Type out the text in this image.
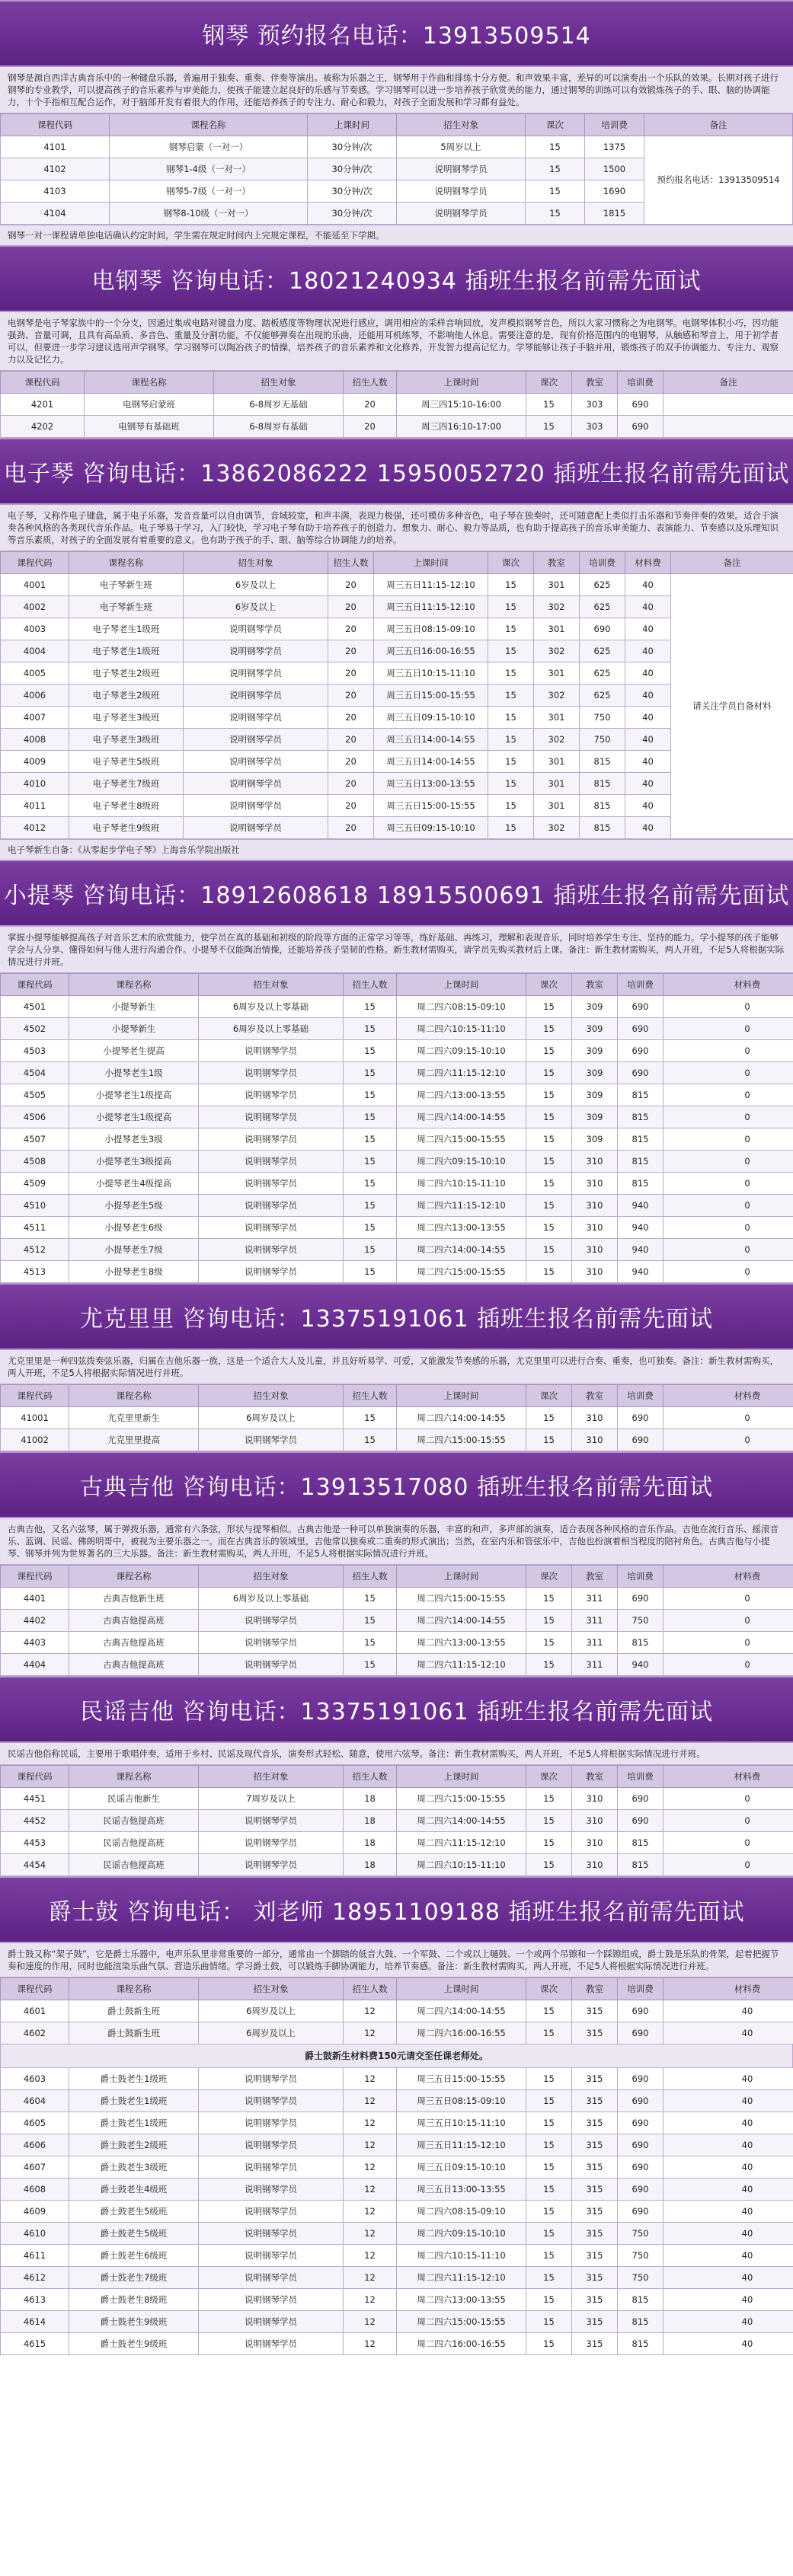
钢琴 预约报名电话：13913509514
钢琴是源自西洋古典音乐中的一种键盘乐器，普遍用于独奏、重奏、伴奏等演出。被称为乐器之王，钢琴用于作曲和排练十分方便。和声效果丰富，差异的可以演奏出一个乐队的效果。长期对孩子进行钢琴的专业教学，可以提高孩子的音乐素养与审美能力，使孩子能建立起良好的乐感与节奏感。学习钢琴可以进一步培养孩子欣赏美的能力，通过钢琴的训练可以有效锻炼孩子的手、眼、脑的协调能力，十个手指相互配合运作，对于脑部开发有着很大的作用，还能培养孩子的专注力、耐心和毅力，对孩子全面发展和学习都有益处。
课程代码	课程名称	上课时间	招生对象	课次	培训费	备注
4101	钢琴启蒙（一对一）	30分钟/次	5周岁以上	15	1375	预约报名电话：13913509514
4102	钢琴1-4级（一对一）	30分钟/次	说明钢琴学员	15	1500	
4103	钢琴5-7级（一对一）	30分钟/次	说明钢琴学员	15	1690	
4104	钢琴8-10级（一对一）	30分钟/次	说明钢琴学员	15	1815	
钢琴一对一课程请单独电话确认约定时间，学生需在规定时间内上完规定课程，不能延至下学期。
电钢琴 咨询电话：18021240934 插班生报名前需先面试
电钢琴是电子琴家族中的一个分支，因通过集成电路对键盘力度、踏板感度等物理状况进行感应，调用相应的采样音响回放，发声模拟钢琴音色，所以大家习惯称之为电钢琴。电钢琴体积小巧，因功能强劲、音量可调，且具有高品质、多音色、重量及分割功能，不仅能够弹奏在出现的乐曲，还能用耳机练琴，不影响他人休息。需要注意的是，现有价格范围内的电钢琴，从触感和琴音上，用于初学者可以，但要进一步学习建议选用声学钢琴。学习钢琴可以陶冶孩子的情操，培养孩子的音乐素养和文化修养，开发智力提高记忆力。学琴能够让孩子手脑并用，锻炼孩子的双手协调能力、专注力、观察力以及记忆力。
课程代码	课程名称	招生对象	招生人数	上课时间	课次	教室	培训费	备注
4201	电钢琴启蒙班	6-8周岁无基础	20	周三四15:10-16:00	15	303	690	
4202	电钢琴有基础班	6-8周岁有基础	20	周三四16:10-17:00	15	303	690	
电子琴 咨询电话：13862086222 15950052720 插班生报名前需先面试
电子琴，又称作电子键盘，属于电子乐器，发音音量可以自由调节，音域较宽，和声丰满，表现力极强，还可模仿多种音色，电子琴在独奏时，还可随意配上类似打击乐器和节奏伴奏的效果。适合于演奏各种风格的各类现代音乐作品。电子琴易于学习，入门较快，学习电子琴有助于培养孩子的创造力、想象力、耐心、毅力等品质，也有助于提高孩子的音乐审美能力、表演能力、节奏感以及乐理知识等音乐素质，对孩子的全面发展有着重要的意义。也有助于孩子的手、眼、脑等综合协调能力的培养。
课程代码	课程名称	招生对象	招生人数	上课时间	课次	教室	培训费	材料费	备注
4001	电子琴新生班	6岁及以上	20	周三五日11:15-12:10	15	301	625	40	请关注学员自备材料
4002	电子琴新生班	6岁及以上	20	周三五日11:15-12:10	15	302	625	40	
4003	电子琴老生1级班	说明钢琴学员	20	周三五日08:15-09:10	15	301	690	40	
4004	电子琴老生1级班	说明钢琴学员	20	周三五日16:00-16:55	15	302	625	40	
4005	电子琴老生2级班	说明钢琴学员	20	周三五日10:15-11:10	15	301	625	40	
4006	电子琴老生2级班	说明钢琴学员	20	周三五日15:00-15:55	15	302	625	40	
4007	电子琴老生3级班	说明钢琴学员	20	周三五日09:15-10:10	15	301	750	40	
4008	电子琴老生3级班	说明钢琴学员	20	周三五日14:00-14:55	15	302	750	40	
4009	电子琴老生5级班	说明钢琴学员	20	周三五日14:00-14:55	15	301	815	40	
4010	电子琴老生7级班	说明钢琴学员	20	周三五日13:00-13:55	15	301	815	40	
4011	电子琴老生8级班	说明钢琴学员	20	周三五日15:00-15:55	15	301	815	40	
4012	电子琴老生9级班	说明钢琴学员	20	周三五日09:15-10:10	15	302	815	40	
电子琴新生自备：《从零起步学电子琴》上海音乐学院出版社
小提琴 咨询电话：18912608618 18915500691 插班生报名前需先面试
掌握小提琴能够提高孩子对音乐艺术的欣赏能力，使学员在真的基础和初级的阶段等方面的正常学习等等，练好基础、再练习，理解和表现音乐，同时培养学生专注、坚持的能力。学小提琴的孩子能够学会与人分享、懂得如何与他人进行沟通合作。小提琴不仅能陶冶情操，还能培养孩子坚韧的性格。新生教材需购买，请学员先购买教材后上课。备注：新生教材需购买，两人开班，不足5人将根据实际情况进行并班。
课程代码	课程名称	招生对象	招生人数	上课时间	课次	教室	培训费	材料费
4501	小提琴新生	6周岁及以上零基础	15	周二四六08:15-09:10	15	309	690	0
4502	小提琴新生	6周岁及以上零基础	15	周二四六10:15-11:10	15	309	690	0
4503	小提琴老生提高	说明钢琴学员	15	周二四六09:15-10:10	15	309	690	0
4504	小提琴老生1级	说明钢琴学员	15	周二四六11:15-12:10	15	309	690	0
4505	小提琴老生1级提高	说明钢琴学员	15	周二四六13:00-13:55	15	309	815	0
4506	小提琴老生1级提高	说明钢琴学员	15	周二四六14:00-14:55	15	309	815	0
4507	小提琴老生3级	说明钢琴学员	15	周二四六15:00-15:55	15	309	815	0
4508	小提琴老生3级提高	说明钢琴学员	15	周二四六09:15-10:10	15	310	815	0
4509	小提琴老生4级提高	说明钢琴学员	15	周二四六10:15-11:10	15	310	815	0
4510	小提琴老生5级	说明钢琴学员	15	周二四六11:15-12:10	15	310	940	0
4511	小提琴老生6级	说明钢琴学员	15	周二四六13:00-13:55	15	310	940	0
4512	小提琴老生7级	说明钢琴学员	15	周二四六14:00-14:55	15	310	940	0
4513	小提琴老生8级	说明钢琴学员	15	周二四六15:00-15:55	15	310	940	0
尤克里里 咨询电话：13375191061 插班生报名前需先面试
尤克里里是一种四弦拨奏弦乐器，归属在吉他乐器一族，这是一个适合大人及儿童，并且好听易学、可爱，又能激发节奏感的乐器，尤克里里可以进行合奏、重奏，也可独奏。备注：新生教材需购买，两人开班，不足5人将根据实际情况进行并班。
课程代码	课程名称	招生对象	招生人数	上课时间	课次	教室	培训费	材料费
41001	尤克里里新生	6周岁及以上	15	周二四六14:00-14:55	15	310	690	0
41002	尤克里里提高	说明钢琴学员	15	周二四六15:00-15:55	15	310	690	0
古典吉他 咨询电话：13913517080 插班生报名前需先面试
古典吉他，又名六弦琴，属于弹拨乐器，通常有六条弦，形状与提琴相似。古典吉他是一种可以单独演奏的乐器，丰富的和声，多声部的演奏，适合表现各种风格的音乐作品。吉他在流行音乐、摇滚音乐、蓝调、民谣、佛朗明哥中，被视为主要乐器之一。而在古典音乐的领域里，吉他常以独奏或二重奏的形式演出；当然，在室内乐和管弦乐中，吉他也扮演着相当程度的陪衬角色。古典吉他与小提琴、钢琴并列为世界著名的三大乐器。备注：新生教材需购买，两人开班，不足5人将根据实际情况进行并班。
课程代码	课程名称	招生对象	招生人数	上课时间	课次	教室	培训费	材料费
4401	古典吉他新生班	6周岁及以上零基础	15	周二四六15:00-15:55	15	311	690	0
4402	古典吉他提高班	说明钢琴学员	15	周二四六14:00-14:55	15	311	750	0
4403	古典吉他提高班	说明钢琴学员	15	周二四六13:00-13:55	15	311	815	0
4404	古典吉他提高班	说明钢琴学员	15	周二四六11:15-12:10	15	311	940	0
民谣吉他 咨询电话：13375191061 插班生报名前需先面试
民谣吉他俗称民谣，主要用于歌唱伴奏，适用于乡村、民谣及现代音乐，演奏形式轻松、随意，使用六弦琴。备注：新生教材需购买，两人开班，不足5人将根据实际情况进行并班。
课程代码	课程名称	招生对象	招生人数	上课时间	课次	教室	培训费	材料费
4451	民谣吉他新生	7周岁及以上	18	周二四六15:00-15:55	15	310	690	0
4452	民谣吉他提高班	说明钢琴学员	18	周二四六14:00-14:55	15	310	690	0
4453	民谣吉他提高班	说明钢琴学员	18	周二四六11:15-12:10	15	310	815	0
4454	民谣吉他提高班	说明钢琴学员	18	周二四六10:15-11:10	15	310	815	0
爵士鼓 咨询电话： 刘老师 18951109188 插班生报名前需先面试
爵士鼓又称“架子鼓”，它是爵士乐器中，电声乐队里非常重要的一部分，通常由一个脚踏的低音大鼓、一个军鼓、二个或以上嗵鼓、一个或两个吊镲和一个踩镲组成，爵士鼓是乐队的骨架，起着把握节奏和速度的作用，同时也能渲染乐曲气氛、营造乐曲情绪。学习爵士鼓，可以锻炼手脚协调能力，培养节奏感。备注：新生教材需购买，两人开班，不足5人将根据实际情况进行并班。
课程代码	课程名称	招生对象	招生人数	上课时间	课次	教室	培训费	材料费
4601	爵士鼓新生班	6周岁及以上	12	周二四六14:00-14:55	15	315	690	40
4602	爵士鼓新生班	6周岁及以上	12	周二四六16:00-16:55	15	315	690	40
爵士鼓新生材料费150元请交至任课老师处。
4603	爵士鼓老生1级班	说明钢琴学员	12	周三五日15:00-15:55	15	315	690	40
4604	爵士鼓老生1级班	说明钢琴学员	12	周三五日08:15-09:10	15	315	690	40
4605	爵士鼓老生1级班	说明钢琴学员	12	周三五日10:15-11:10	15	315	690	40
4606	爵士鼓老生2级班	说明钢琴学员	12	周三五日11:15-12:10	15	315	690	40
4607	爵士鼓老生3级班	说明钢琴学员	12	周三五日09:15-10:10	15	315	690	40
4608	爵士鼓老生4级班	说明钢琴学员	12	周三五日13:00-13:55	15	315	690	40
4609	爵士鼓老生5级班	说明钢琴学员	12	周二四六08:15-09:10	15	315	690	40
4610	爵士鼓老生5级班	说明钢琴学员	12	周二四六09:15-10:10	15	315	750	40
4611	爵士鼓老生6级班	说明钢琴学员	12	周二四六10:15-11:10	15	315	750	40
4612	爵士鼓老生7级班	说明钢琴学员	12	周二四六11:15-12:10	15	315	750	40
4613	爵士鼓老生8级班	说明钢琴学员	12	周二四六13:00-13:55	15	315	815	40
4614	爵士鼓老生9级班	说明钢琴学员	12	周二四六15:00-15:55	15	315	815	40
4615	爵士鼓老生9级班	说明钢琴学员	12	周二四六16:00-16:55	15	315	815	40
